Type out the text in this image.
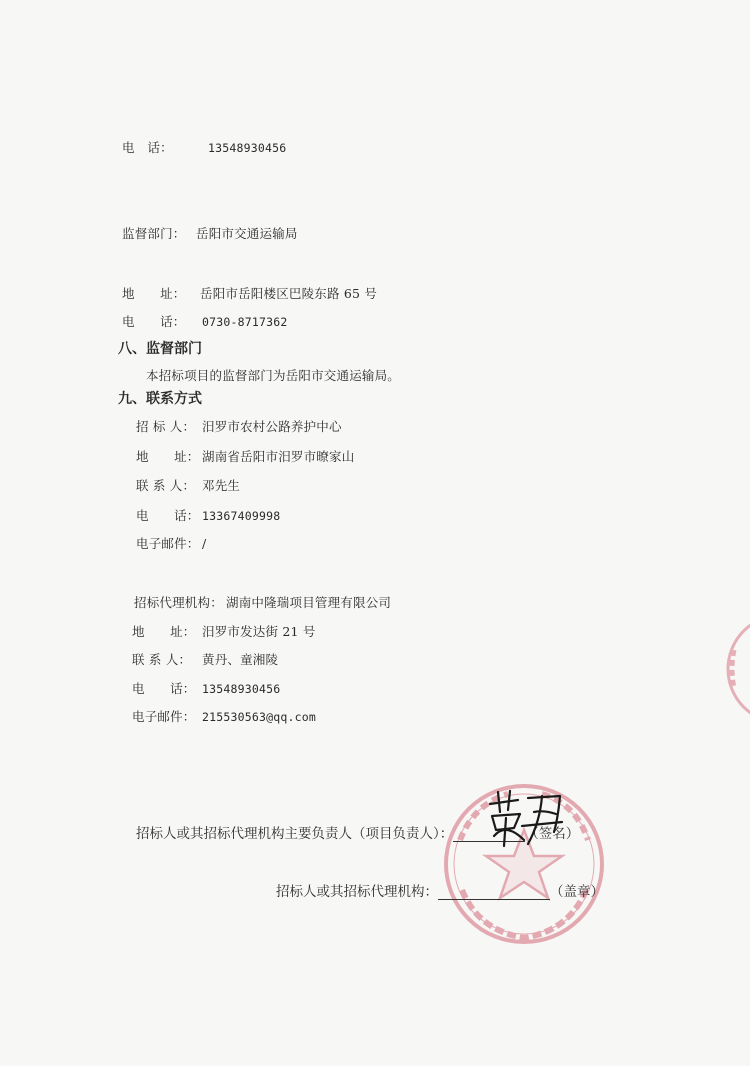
电　话：	13548930456
监督部门： 岳阳市交通运输局
地　　址： 岳阳市岳阳楼区巴陵东路 65 号
电　　话： 0730-8717362
八、监督部门
本招标项目的监督部门为岳阳市交通运输局。
九、联系方式
招 标 人： 汨罗市农村公路养护中心
地　　址： 湖南省岳阳市汨罗市暸家山
联 系 人： 邓先生
电　　话： 13367409998
电子邮件： /
招标代理机构： 湖南中隆瑞项目管理有限公司
地　　址： 汨罗市发达街 21 号
联 系 人： 黄丹、童湘陵
电　　话： 13548930456
电子邮件： 215530563@qq.com
招标人或其招标代理机构主要负责人（项目负责人）：	（签名）
招标人或其招标代理机构：	（盖章）
